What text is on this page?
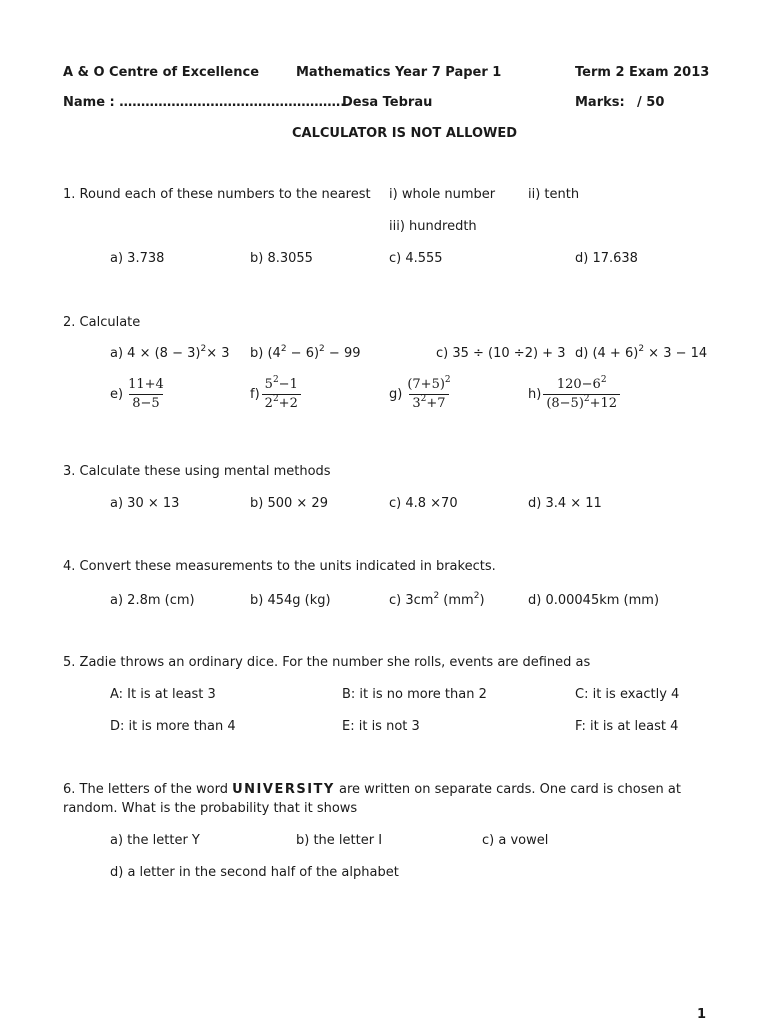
A & O Centre of Excellence	Mathematics Year 7 Paper 1	Term 2 Exam 2013
Name : …………………………………………….
Desa Tebrau	Marks: / 50
CALCULATOR IS NOT ALLOWED
1. Round each of these numbers to the nearest i) whole number	ii) tenth
iii) hundredth
a) 3.738	b) 8.3055	c) 4.555	d) 17.638
2. Calculate
a) $4 \times (8 - 3)^2\times 3$ b) $(4^2 - 6)^2 - 99$	c) 35 ÷ (10 ÷2) + 3 d) $(4 + 6)^2 \times 3 - 14$
$e) \frac{11+4}{8-5}$	$f) \frac{5^2-1}{2^2+2}$	$g) \frac{(7+5)^2}{3^2+7}$	$h) \frac{120-6^2}{(8-5)^2+12}$
3. Calculate these using mental methods
a) 30 × 13	b) 500 × 29	c) 4.8 ×70	d) 3.4 × 11
4. Convert these measurements to the units indicated in brakects.
a) 2.8m (cm)	b) 454g (kg)	c) $3cm^2$ $(mm^2)$	d) 0.00045km (mm)
5. Zadie throws an ordinary dice. For the number she rolls, events are defined as
A: It is at least 3	B: it is no more than 2	C: it is exactly 4
D: it is more than 4	E: it is not 3	F: it is at least 4
6. The letters of the word UNIVERSITY are written on separate cards. One card is chosen at
random. What is the probability that it shows
a) the letter Y	b) the letter I	c) a vowel
d) a letter in the second half of the alphabet
1
